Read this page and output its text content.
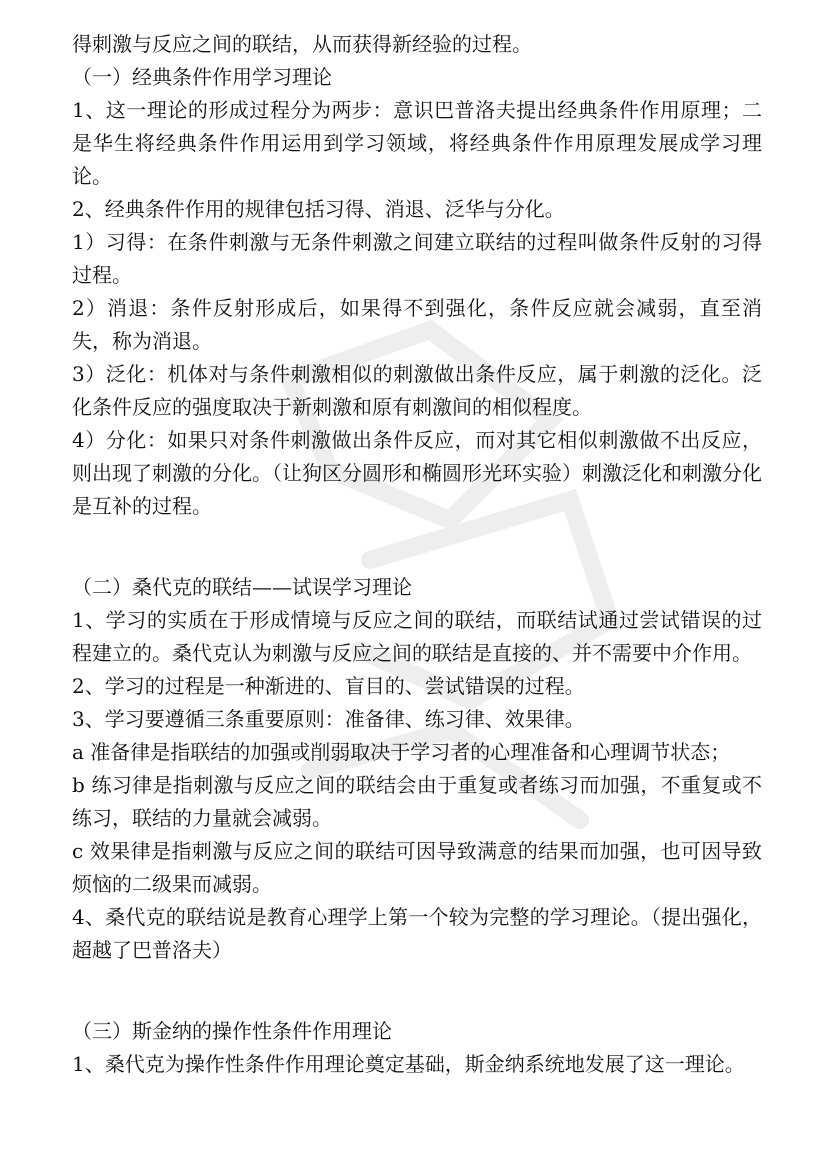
得刺激与反应之间的联结，从而获得新经验的过程。

（一）经典条件作用学习理论

1、这一理论的形成过程分为两步：意识巴普洛夫提出经典条件作用原理；二是华生将经典条件作用运用到学习领域，将经典条件作用原理发展成学习理论。

2、经典条件作用的规律包括习得、消退、泛华与分化。

1）习得：在条件刺激与无条件刺激之间建立联结的过程叫做条件反射的习得过程。

2）消退：条件反射形成后，如果得不到强化，条件反应就会减弱，直至消失，称为消退。

3）泛化：机体对与条件刺激相似的刺激做出条件反应，属于刺激的泛化。泛化条件反应的强度取决于新刺激和原有刺激间的相似程度。

4）分化：如果只对条件刺激做出条件反应，而对其它相似刺激做不出反应，则出现了刺激的分化。（让狗区分圆形和椭圆形光环实验）刺激泛化和刺激分化是互补的过程。

（二）桑代克的联结——试误学习理论

1、学习的实质在于形成情境与反应之间的联结，而联结试通过尝试错误的过程建立的。桑代克认为刺激与反应之间的联结是直接的、并不需要中介作用。

2、学习的过程是一种渐进的、盲目的、尝试错误的过程。

3、学习要遵循三条重要原则：准备律、练习律、效果律。

a 准备律是指联结的加强或削弱取决于学习者的心理准备和心理调节状态；

b 练习律是指刺激与反应之间的联结会由于重复或者练习而加强，不重复或不练习，联结的力量就会减弱。

c 效果律是指刺激与反应之间的联结可因导致满意的结果而加强，也可因导致烦恼的二级果而减弱。

4、桑代克的联结说是教育心理学上第一个较为完整的学习理论。（提出强化，超越了巴普洛夫）

（三）斯金纳的操作性条件作用理论

1、桑代克为操作性条件作用理论奠定基础，斯金纳系统地发展了这一理论。
